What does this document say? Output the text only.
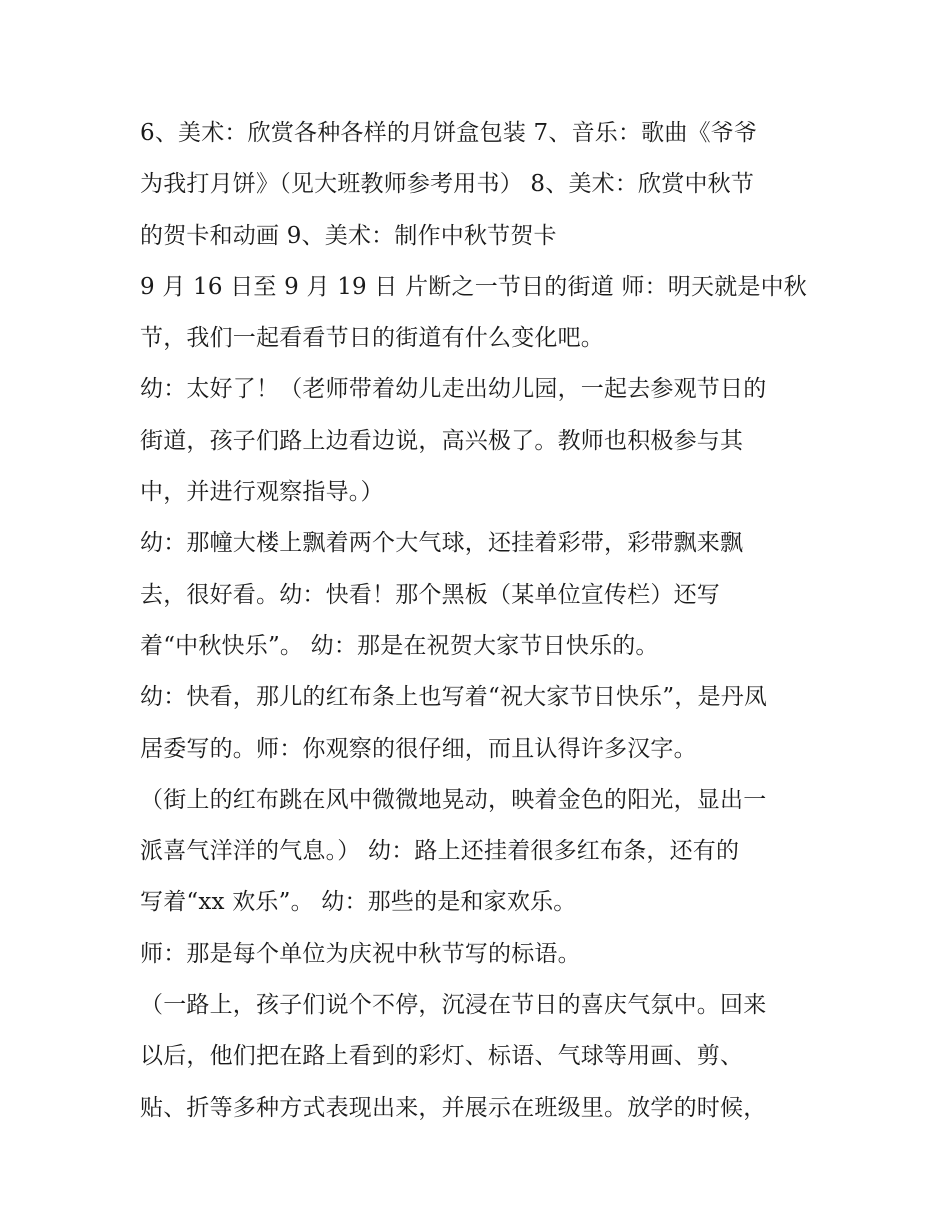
6、美术：欣赏各种各样的月饼盒包装 7、音乐：歌曲《爷爷
为我打月饼》（见大班教师参考用书） 8、美术：欣赏中秋节
的贺卡和动画 9、美术：制作中秋节贺卡
9 月 16 日至 9 月 19 日 片断之一节日的街道 师：明天就是中秋
节，我们一起看看节日的街道有什么变化吧。
幼：太好了！（老师带着幼儿走出幼儿园，一起去参观节日的
街道，孩子们路上边看边说，高兴极了。教师也积极参与其
中，并进行观察指导。）
幼：那幢大楼上飘着两个大气球，还挂着彩带，彩带飘来飘
去，很好看。幼：快看！那个黑板（某单位宣传栏）还写
着“中秋快乐”。 幼：那是在祝贺大家节日快乐的。
幼：快看，那儿的红布条上也写着“祝大家节日快乐”，是丹凤
居委写的。师：你观察的很仔细，而且认得许多汉字。
（街上的红布跳在风中微微地晃动，映着金色的阳光，显出一
派喜气洋洋的气息。） 幼：路上还挂着很多红布条，还有的
写着“xx 欢乐”。 幼：那些的是和家欢乐。
师：那是每个单位为庆祝中秋节写的标语。
（一路上，孩子们说个不停，沉浸在节日的喜庆气氛中。回来
以后，他们把在路上看到的彩灯、标语、气球等用画、剪、
贴、折等多种方式表现出来，并展示在班级里。放学的时候，
